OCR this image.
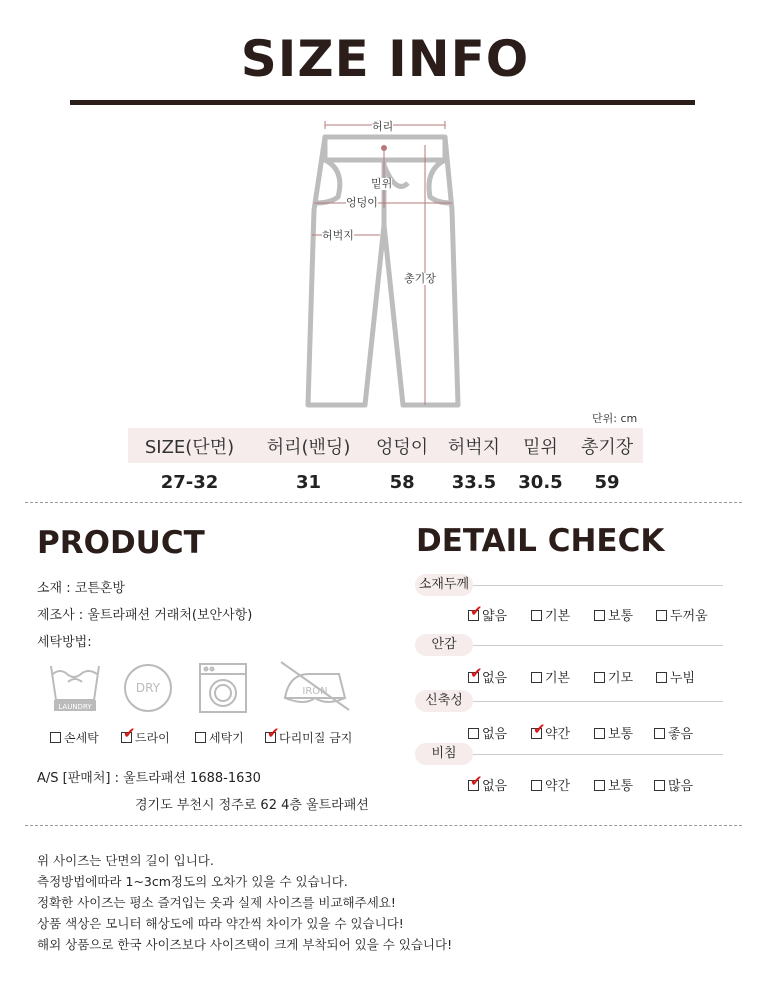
SIZE INFO
허리
밑위
엉덩이
허벅지
총기장
단위: cm
SIZE(단면)	허리(밴딩)	엉덩이	허벅지	밑위	총기장
27-32	31	58	33.5	30.5	59
PRODUCT
소재 : 코튼혼방
제조사 : 울트라패션 거래처(보안사항)
세탁방법:
LAUNDRY
DRY	IRON
손세탁 ✔ 드라이	세탁기 ✔ 다리미질 금지
A/S [판매처] : 울트라패션 1688-1630
경기도 부천시 정주로 62 4층 울트라패션
DETAIL CHECK
소재두께
✔ 얇음	기본	보통	두꺼움
안감
✔ 없음	기본	기모	누빔
신축성
없음 ✔ 약간	보통	좋음
비침
✔ 없음	약간	보통	많음
위 사이즈는 단면의 길이 입니다.
측정방법에따라 1~3cm정도의 오차가 있을 수 있습니다.
정확한 사이즈는 평소 즐겨입는 옷과 실제 사이즈를 비교해주세요!
상품 색상은 모니터 해상도에 따라 약간씩 차이가 있을 수 있습니다!
해외 상품으로 한국 사이즈보다 사이즈택이 크게 부착되어 있을 수 있습니다!
